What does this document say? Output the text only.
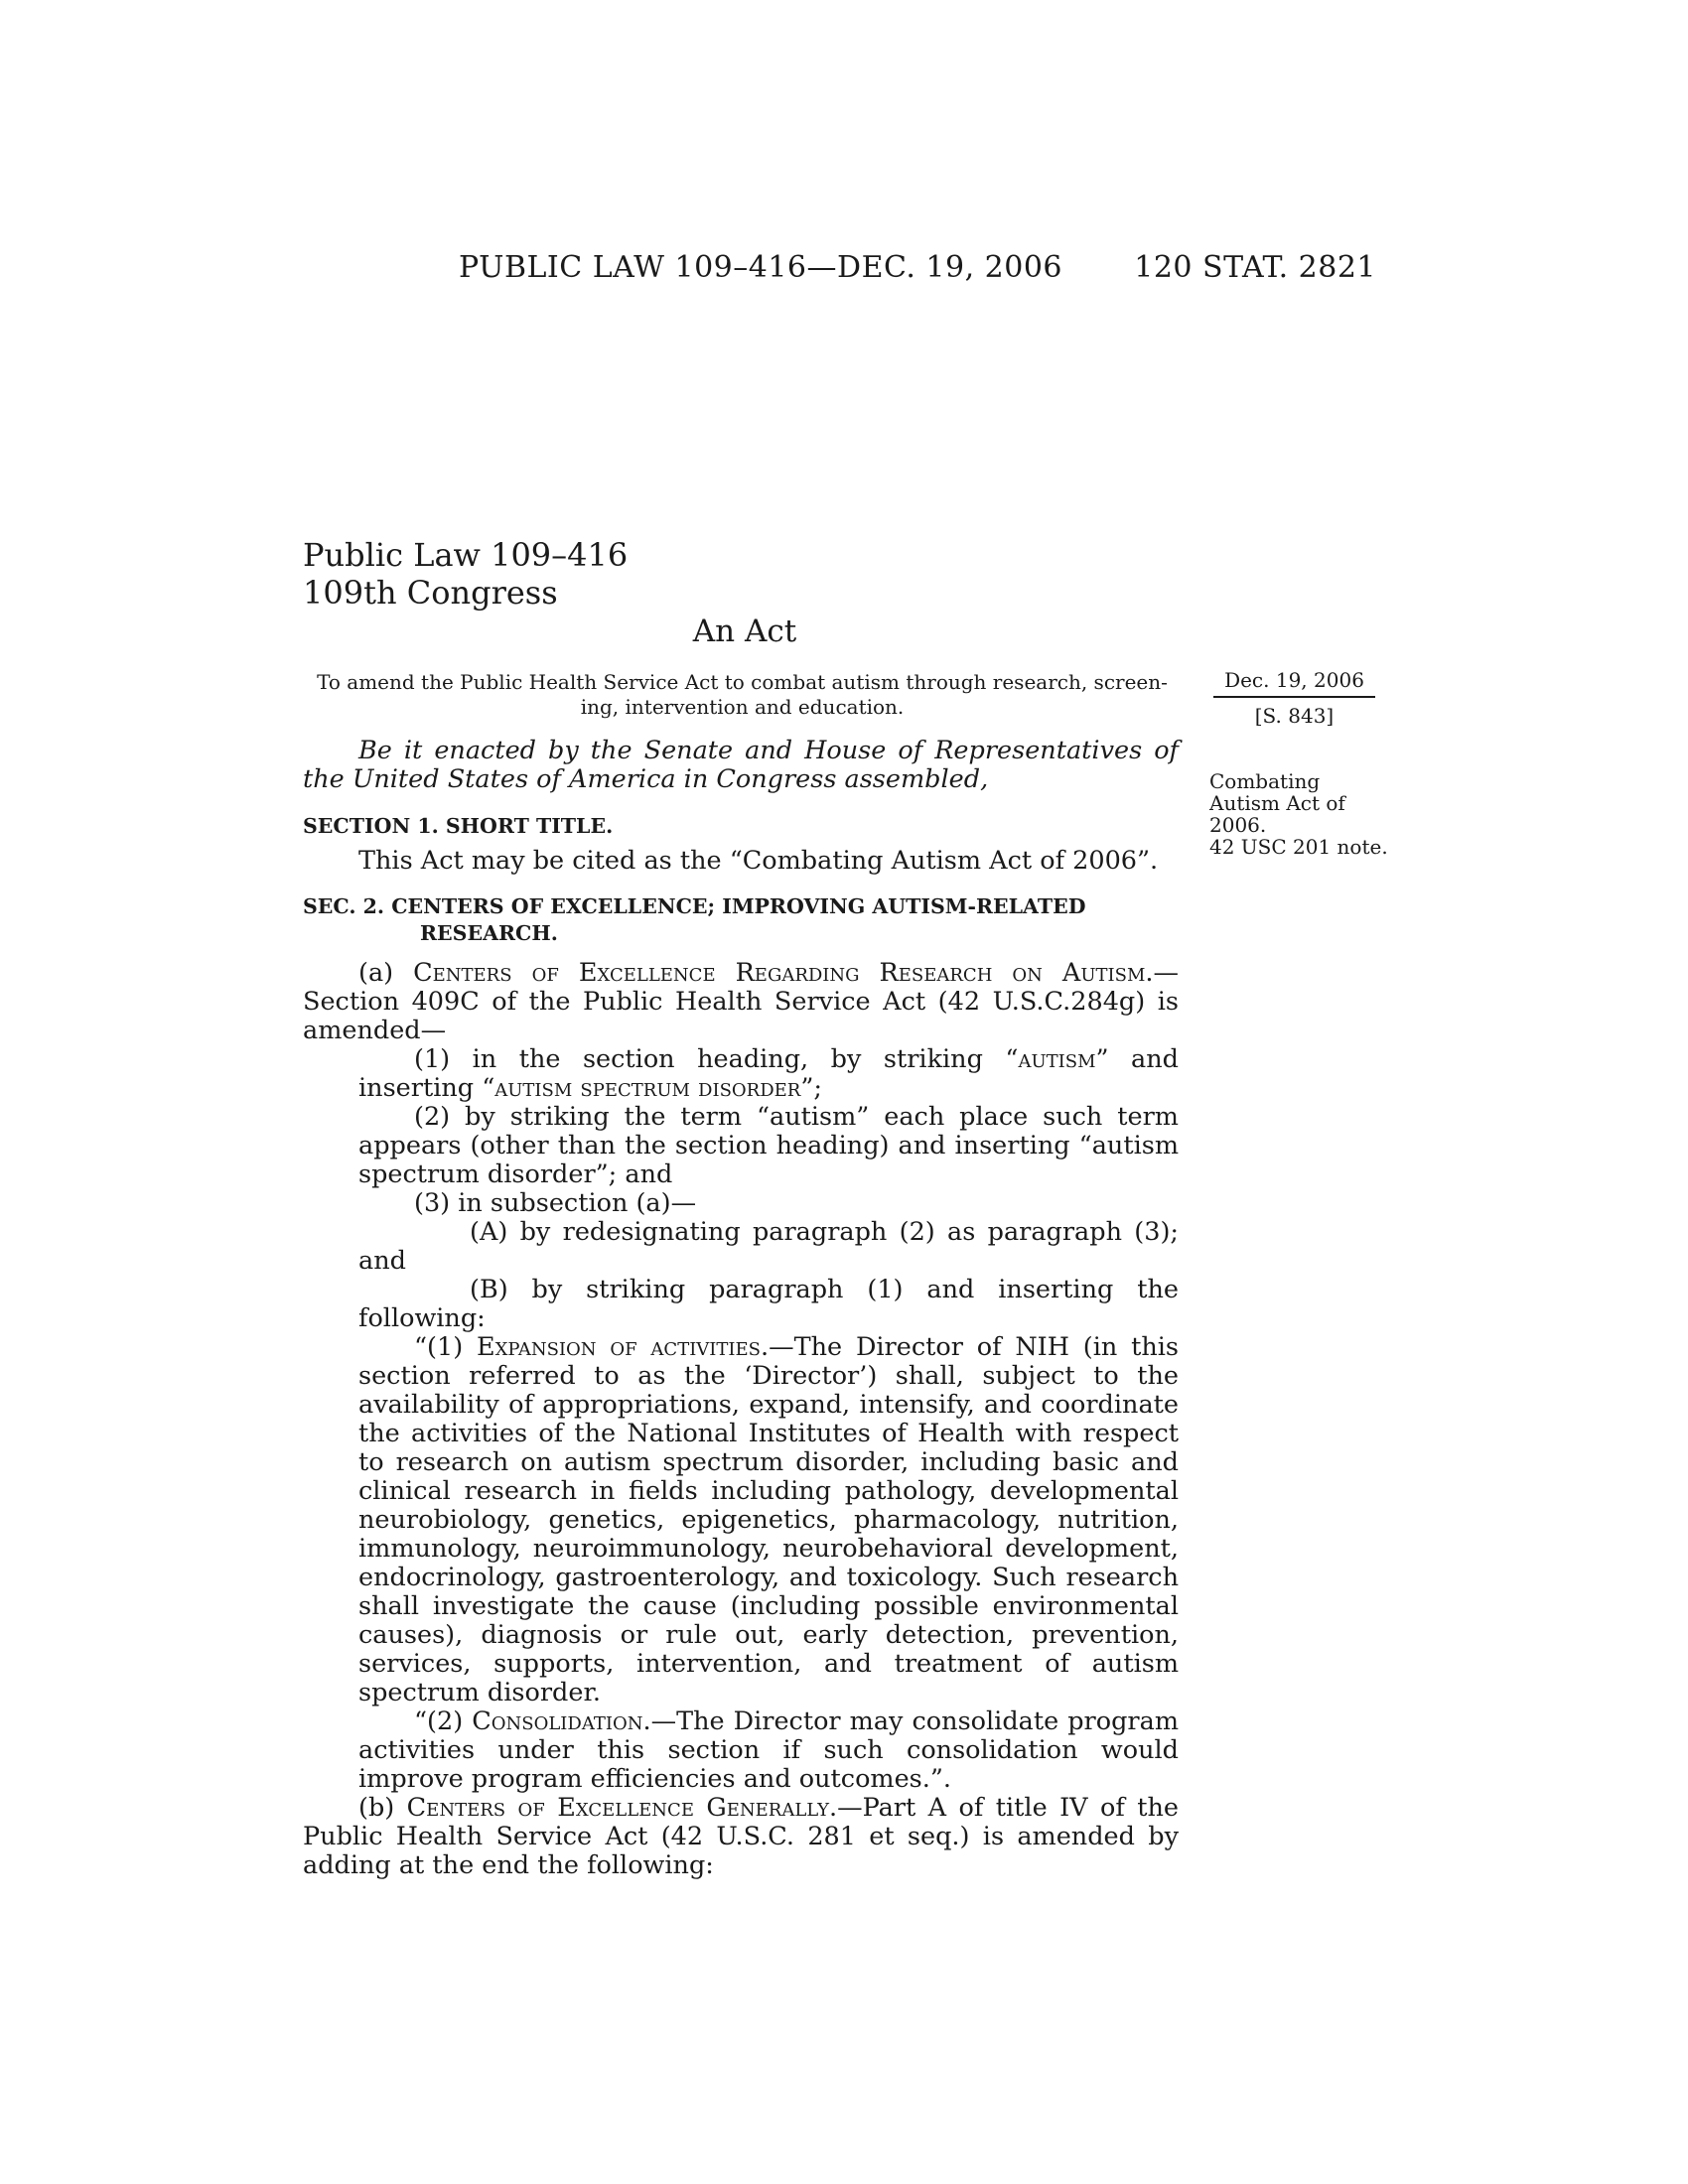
PUBLIC LAW 109–416—DEC. 19, 2006 120 STAT. 2821
Public Law 109–416
109th Congress
An Act
To amend the Public Health Service Act to combat autism through research, screen-
ing, intervention and education.
Dec. 19, 2006
[S. 843]
Combating
Autism Act of
2006.
42 USC 201 note.

Be it enacted by the Senate and House of Representatives of the United States of America in Congress assembled,

SECTION 1. SHORT TITLE.

This Act may be cited as the “Combating Autism Act of 2006”.

SEC. 2. CENTERS OF EXCELLENCE; IMPROVING AUTISM-RELATED RESEARCH.

(a) Centers of Excellence Regarding Research on Autism.—Section 409C of the Public Health Service Act (42 U.S.C.284g) is amended—

(1) in the section heading, by striking “autism” and inserting “autism spectrum disorder”;

(2) by striking the term “autism” each place such term appears (other than the section heading) and inserting “autism spectrum disorder”; and

(3) in subsection (a)—

(A) by redesignating paragraph (2) as paragraph (3); and

(B) by striking paragraph (1) and inserting the following:

“(1) Expansion of activities.—The Director of NIH (in this section referred to as the ‘Director’) shall, subject to the availability of appropriations, expand, intensify, and coordinate the activities of the National Institutes of Health with respect to research on autism spectrum disorder, including basic and clinical research in fields including pathology, developmental neurobiology, genetics, epigenetics, pharmacology, nutrition, immunology, neuroimmunology, neurobehavioral development, endocrinology, gastroenterology, and toxicology. Such research shall investigate the cause (including possible environmental causes), diagnosis or rule out, early detection, prevention, services, supports, intervention, and treatment of autism spectrum disorder.

“(2) Consolidation.—The Director may consolidate program activities under this section if such consolidation would improve program efficiencies and outcomes.”.

(b) Centers of Excellence Generally.—Part A of title IV of the Public Health Service Act (42 U.S.C. 281 et seq.) is amended by adding at the end the following:
